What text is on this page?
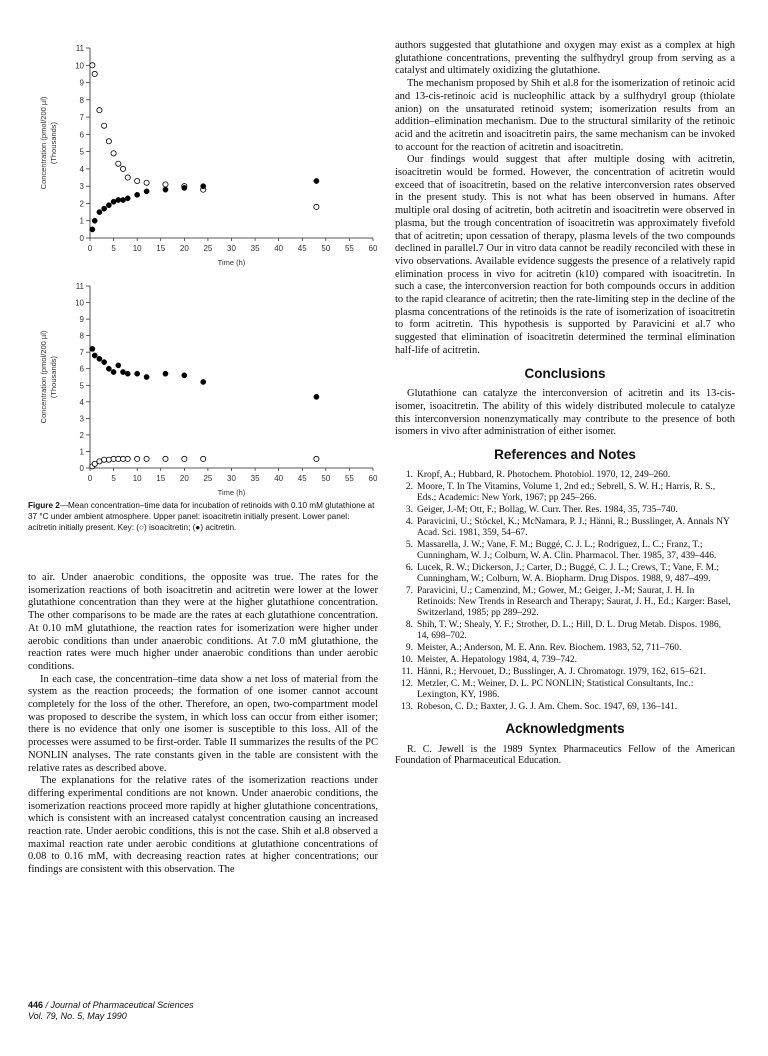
0
1
2
3
4
5
6
7
8
9
10
11
0 5 10 15 20 25 30 35 40 45 50 55 60
Time (h)
Concentration (pmol/200 µl) (Thousands)
0
1
2
3
4
5
6
7
8
9
10
11
0 5 10 15 20 25 30 35 40 45 50 55 60
Time (h)
Concentration (pmol/200 µl) (Thousands)
Figure 2—Mean concentration–time data for incubation of retinoids with 0.10 mM glutathione at 37 °C under ambient atmosphere. Upper panel: isoacitretin initially present. Lower panel: acitretin initially present. Key: (○) isoacitretin; (●) acitretin.

to air. Under anaerobic conditions, the opposite was true. The rates for the isomerization reactions of both isoacitretin and acitretin were lower at the lower glutathione concentration than they were at the higher glutathione concentration. The other comparisons to be made are the rates at each glutathione concentration. At 0.10 mM glutathione, the reaction rates for isomerization were higher under aerobic conditions than under anaerobic conditions. At 7.0 mM glutathione, the reaction rates were much higher under anaerobic conditions than under aerobic conditions.

In each case, the concentration–time data show a net loss of material from the system as the reaction proceeds; the formation of one isomer cannot account completely for the loss of the other. Therefore, an open, two-compartment model was proposed to describe the system, in which loss can occur from either isomer; there is no evidence that only one isomer is susceptible to this loss. All of the processes were assumed to be first-order. Table II summarizes the results of the PC NONLIN analyses. The rate constants given in the table are consistent with the relative rates as described above.

The explanations for the relative rates of the isomerization reactions under differing experimental conditions are not known. Under anaerobic conditions, the isomerization reactions proceed more rapidly at higher glutathione concentrations, which is consistent with an increased catalyst concentration causing an increased reaction rate. Under aerobic conditions, this is not the case. Shih et al.8 observed a maximal reaction rate under aerobic conditions at glutathione concentrations of 0.08 to 0.16 mM, with decreasing reaction rates at higher concentrations; our findings are consistent with this observation. The

authors suggested that glutathione and oxygen may exist as a complex at high glutathione concentrations, preventing the sulfhydryl group from serving as a catalyst and ultimately oxidizing the glutathione.

The mechanism proposed by Shih et al.8 for the isomerization of retinoic acid and 13-cis-retinoic acid is nucleophilic attack by a sulfhydryl group (thiolate anion) on the unsaturated retinoid system; isomerization results from an addition–elimination mechanism. Due to the structural similarity of the retinoic acid and the acitretin and isoacitretin pairs, the same mechanism can be invoked to account for the reaction of acitretin and isoacitretin.

Our findings would suggest that after multiple dosing with acitretin, isoacitretin would be formed. However, the concentration of acitretin would exceed that of isoacitretin, based on the relative interconversion rates observed in the present study. This is not what has been observed in humans. After multiple oral dosing of acitretin, both acitretin and isoacitretin were observed in plasma, but the trough concentration of isoacitretin was approximately fivefold that of acitretin; upon cessation of therapy, plasma levels of the two compounds declined in parallel.7 Our in vitro data cannot be readily reconciled with these in vivo observations. Available evidence suggests the presence of a relatively rapid elimination process in vivo for acitretin (k10) compared with isoacitretin. In such a case, the interconversion reaction for both compounds occurs in addition to the rapid clearance of acitretin; then the rate-limiting step in the decline of the plasma concentrations of the retinoids is the rate of isomerization of isoacitretin to form acitretin. This hypothesis is supported by Paravicini et al.7 who suggested that elimination of isoacitretin determined the terminal elimination half-life of acitretin.

Conclusions

Glutathione can catalyze the interconversion of acitretin and its 13-cis-isomer, isoacitretin. The ability of this widely distributed molecule to catalyze this interconversion nonenzymatically may contribute to the presence of both isomers in vivo after administration of either isomer.

References and Notes
1. Kropf, A.; Hubbard, R. Photochem. Photobiol. 1970, 12, 249–260.
2. Moore, T. In The Vitamins, Volume 1, 2nd ed.; Sebrell, S. W. H.; Harris, R. S., Eds.; Academic: New York, 1967; pp 245–266.
3. Geiger, J.-M; Ott, F.; Bollag, W. Curr. Ther. Res. 1984, 35, 735–740.
4. Paravicini, U.; Stöckel, K.; McNamara, P. J.; Hänni, R.; Busslinger, A. Annals NY Acad. Sci. 1981, 359, 54–67.
5. Massarella, J. W.; Vane, F. M.; Buggé, C. J. L.; Rodriguez, L. C.; Franz, T.; Cunningham, W. J.; Colburn, W. A. Clin. Pharmacol. Ther. 1985, 37, 439–446.
6. Lucek, R. W.; Dickerson, J.; Carter, D.; Buggé, C. J. L.; Crews, T.; Vane, F. M.; Cunningham, W.; Colburn, W. A. Biopharm. Drug Dispos. 1988, 9, 487–499.
7. Paravicini, U.; Camenzind, M.; Gower, M.; Geiger, J.-M; Saurat, J. H. In Retinoids: New Trends in Research and Therapy; Saurat, J. H., Ed.; Karger: Basel, Switzerland, 1985; pp 289–292.
8. Shih, T. W.; Shealy, Y. F.; Strother, D. L.; Hill, D. L. Drug Metab. Dispos. 1986, 14, 698–702.
9. Meister, A.; Anderson, M. E. Ann. Rev. Biochem. 1983, 52, 711–760.
10. Meister, A. Hepatology 1984, 4, 739–742.
11. Hänni, R.; Hervouet, D.; Busslinger, A. J. Chromatogr. 1979, 162, 615–621.
12. Metzler, C. M.; Weiner, D. L. PC NONLIN; Statistical Consultants, Inc.: Lexington, KY, 1986.
13. Robeson, C. D.; Baxter, J. G. J. Am. Chem. Soc. 1947, 69, 136–141.
Acknowledgments

R. C. Jewell is the 1989 Syntex Pharmaceutics Fellow of the American Foundation of Pharmaceutical Education.

446 / Journal of Pharmaceutical Sciences
Vol. 79, No. 5, May 1990
